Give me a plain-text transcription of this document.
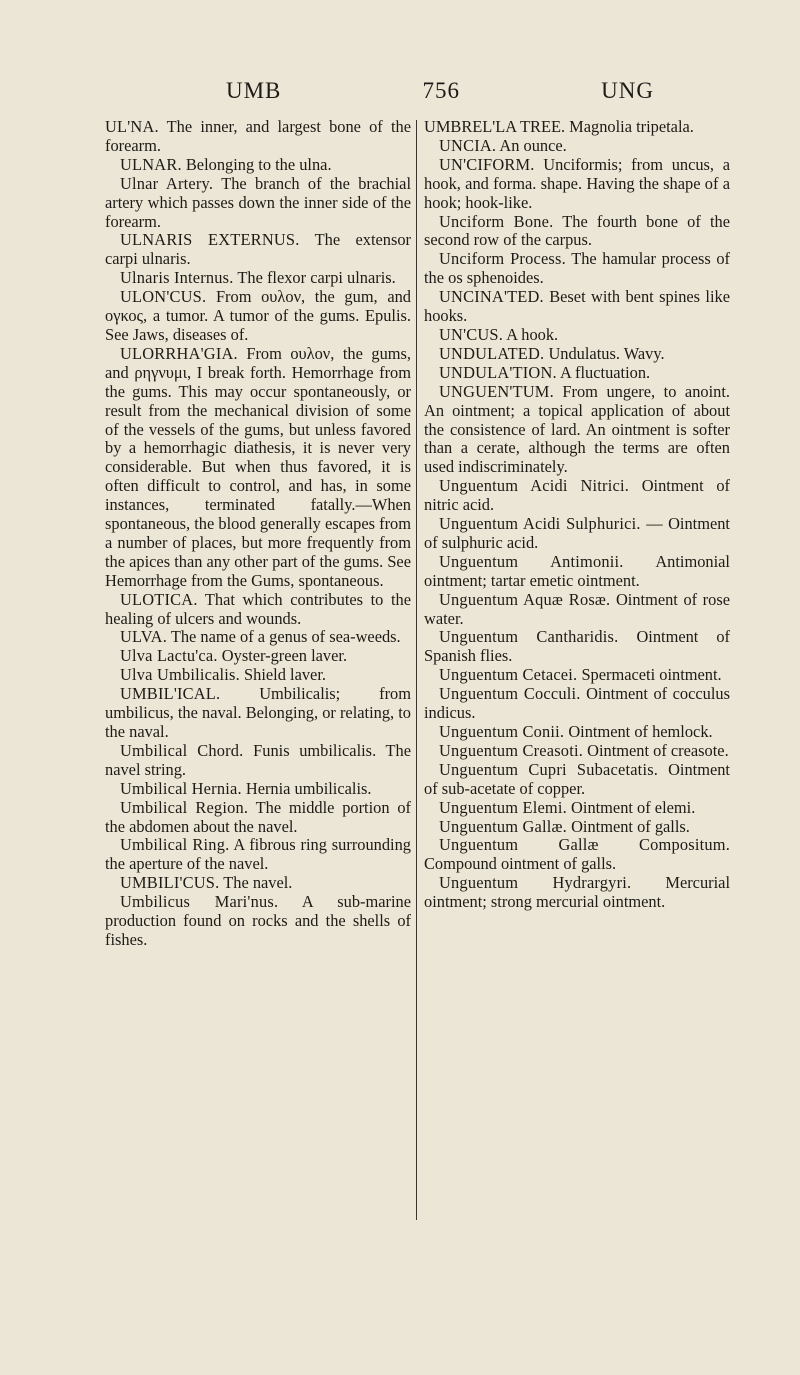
UMB	756	UNG

UL'NA. The inner, and largest bone of the forearm.

ULNAR. Belonging to the ulna.

Ulnar Artery. The branch of the brachial artery which passes down the inner side of the forearm.

ULNARIS EXTERNUS. The extensor carpi ulnaris.

Ulnaris Internus. The flexor carpi ulnaris.

ULON'CUS. From ουλον, the gum, and ογκος, a tumor. A tumor of the gums. Epulis. See Jaws, diseases of.

ULORRHA'GIA. From ουλον, the gums, and ρηγνυμι, I break forth. Hemorrhage from the gums. This may occur spontaneously, or result from the mechanical division of some of the vessels of the gums, but unless favored by a hemorrhagic diathesis, it is never very considerable. But when thus favored, it is often difficult to control, and has, in some instances, terminated fatally.—When spontaneous, the blood generally escapes from a number of places, but more frequently from the apices than any other part of the gums. See Hemorrhage from the Gums, spontaneous.

ULOTICA. That which contributes to the healing of ulcers and wounds.

ULVA. The name of a genus of sea-weeds.

Ulva Lactu'ca. Oyster-green laver.

Ulva Umbilicalis. Shield laver.

UMBIL'ICAL. Umbilicalis; from umbilicus, the naval. Belonging, or relating, to the naval.

Umbilical Chord. Funis umbilicalis. The navel string.

Umbilical Hernia. Hernia umbilicalis.

Umbilical Region. The middle portion of the abdomen about the navel.

Umbilical Ring. A fibrous ring surrounding the aperture of the navel.

UMBILI'CUS. The navel.

Umbilicus Mari'nus. A sub-marine production found on rocks and the shells of fishes.

UMBREL'LA TREE. Magnolia tripetala.

UNCIA. An ounce.

UN'CIFORM. Unciformis; from uncus, a hook, and forma. shape. Having the shape of a hook; hook-like.

Unciform Bone. The fourth bone of the second row of the carpus.

Unciform Process. The hamular process of the os sphenoides.

UNCINA'TED. Beset with bent spines like hooks.

UN'CUS. A hook.

UNDULATED. Undulatus. Wavy.

UNDULA'TION. A fluctuation.

UNGUEN'TUM. From ungere, to anoint. An ointment; a topical application of about the consistence of lard. An ointment is softer than a cerate, although the terms are often used indiscriminately.

Unguentum Acidi Nitrici. Ointment of nitric acid.

Unguentum Acidi Sulphurici. — Ointment of sulphuric acid.

Unguentum Antimonii. Antimonial ointment; tartar emetic ointment.

Unguentum Aquæ Rosæ. Ointment of rose water.

Unguentum Cantharidis. Ointment of Spanish flies.

Unguentum Cetacei. Spermaceti ointment.

Unguentum Cocculi. Ointment of cocculus indicus.

Unguentum Conii. Ointment of hemlock.

Unguentum Creasoti. Ointment of creasote.

Unguentum Cupri Subacetatis. Ointment of sub-acetate of copper.

Unguentum Elemi. Ointment of elemi.

Unguentum Gallæ. Ointment of galls.

Unguentum Gallæ Compositum. Compound ointment of galls.

Unguentum Hydrargyri. Mercurial ointment; strong mercurial ointment.
